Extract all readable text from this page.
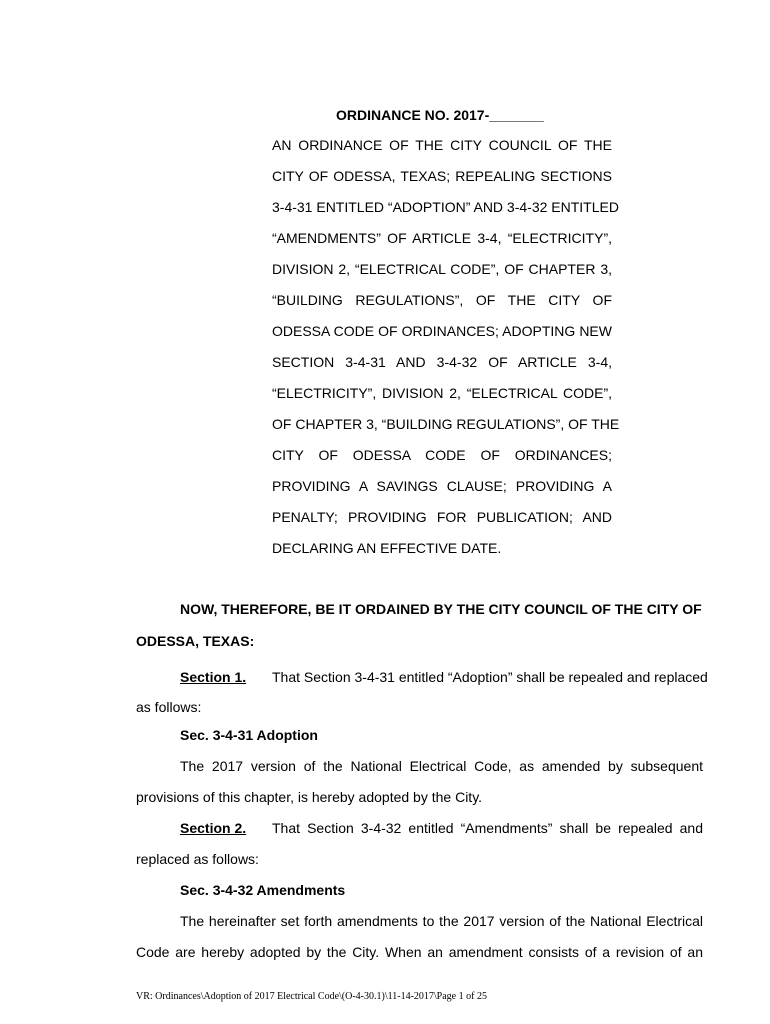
ORDINANCE NO. 2017-_______
AN ORDINANCE OF THE CITY COUNCIL OF THE
CITY OF ODESSA, TEXAS; REPEALING SECTIONS
3-4-31 ENTITLED “ADOPTION” AND 3-4-32 ENTITLED
“AMENDMENTS” OF ARTICLE 3-4, “ELECTRICITY”,
DIVISION 2, “ELECTRICAL CODE”, OF CHAPTER 3,
“BUILDING REGULATIONS”, OF THE CITY OF
ODESSA CODE OF ORDINANCES; ADOPTING NEW
SECTION 3-4-31 AND 3-4-32 OF ARTICLE 3-4,
“ELECTRICITY”, DIVISION 2, “ELECTRICAL CODE”,
OF CHAPTER 3, “BUILDING REGULATIONS”, OF THE
CITY OF ODESSA CODE OF ORDINANCES;
PROVIDING A SAVINGS CLAUSE; PROVIDING A
PENALTY; PROVIDING FOR PUBLICATION; AND
DECLARING AN EFFECTIVE DATE.
NOW, THEREFORE, BE IT ORDAINED BY THE CITY COUNCIL OF THE CITY OF
ODESSA, TEXAS:
Section 1. That Section 3-4-31 entitled “Adoption” shall be repealed and replaced
as follows:
Sec. 3-4-31 Adoption
The 2017 version of the National Electrical Code, as amended by subsequent
provisions of this chapter, is hereby adopted by the City.
Section 2. That Section 3-4-32 entitled “Amendments” shall be repealed and
replaced as follows:
Sec. 3-4-32 Amendments
The hereinafter set forth amendments to the 2017 version of the National Electrical
Code are hereby adopted by the City. When an amendment consists of a revision of an
VR: Ordinances\Adoption of 2017 Electrical Code\(O-4-30.1)\11-14-2017\Page 1 of 25
